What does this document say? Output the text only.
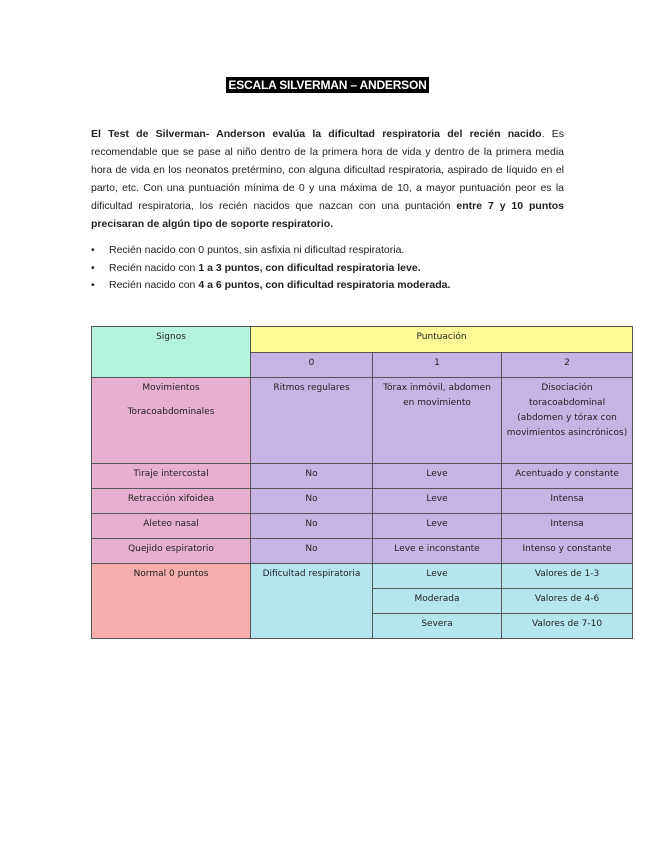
ESCALA SILVERMAN – ANDERSON

El Test de Silverman- Anderson evalúa la dificultad respiratoria del recién nacido. Es recomendable que se pase al niño dentro de la primera hora de vida y dentro de la primera media hora de vida en los neonatos pretérmino, con alguna dificultad respiratoria, aspirado de líquido en el parto, etc. Con una puntuación mínima de 0 y una máxima de 10, a mayor puntuación peor es la dificultad respiratoria, los recién nacidos que nazcan con una puntación entre 7 y 10 puntos precisaran de algún tipo de soporte respiratorio.

• Recién nacido con 0 puntos, sin asfixia ni dificultad respiratoria.
• Recién nacido con 1 a 3 puntos, con dificultad respiratoria leve.
• Recién nacido con 4 a 6 puntos, con dificultad respiratoria moderada.
Signos	Puntuación		
	0	1	2

Movimientos
Toracoabdominales	Ritmos regulares	Tórax inmóvil, abdomen en movimiento	Disociación toracoabdominal (abdomen y tórax con movimientos asincrónicos)
Tiraje intercostal	No	Leve	Acentuado y constante
Retracción xifoidea	No	Leve	Intensa
Aleteo nasal	No	Leve	Intensa
Quejido espiratorio	No	Leve e inconstante	Intenso y constante
Normal 0 puntos	Dificultad respiratoria	Leve	Valores de 1-3
		Moderada	Valores de 4-6
		Severa	Valores de 7-10
